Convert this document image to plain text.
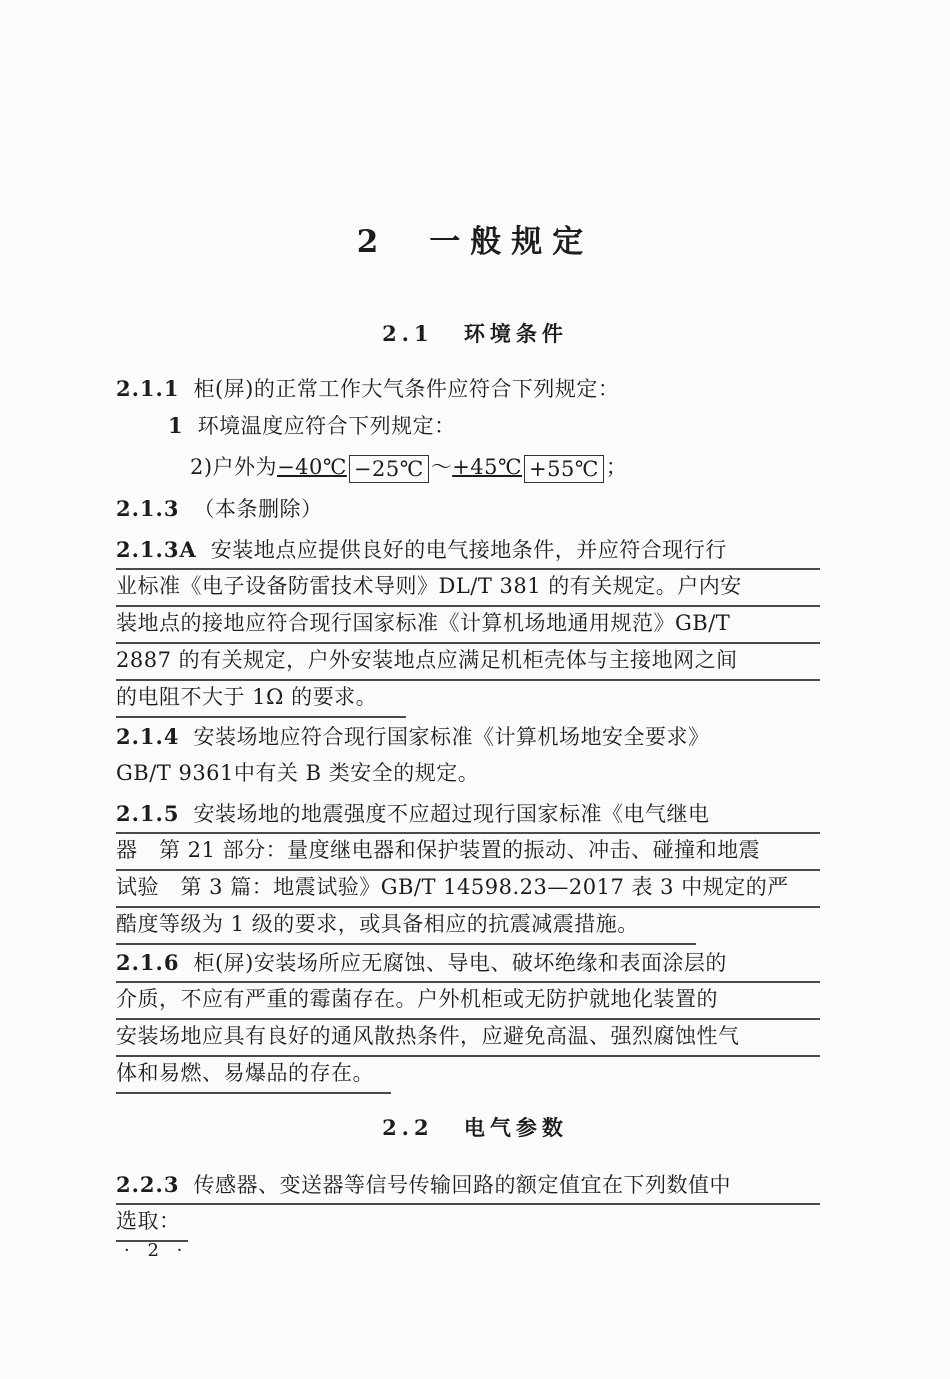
2　一般规定
2.1 环境条件
2.1.1 柜(屏)的正常工作大气条件应符合下列规定：
1 环境温度应符合下列规定：
2)户外为−40℃ −25℃ ～+45℃ +55℃ ；
2.1.3 （本条删除）
2.1.3A 安装地点应提供良好的电气接地条件，并应符合现行行
业标准《电子设备防雷技术导则》DL/T 381 的有关规定。户内安
装地点的接地应符合现行国家标准《计算机场地通用规范》GB/T
2887 的有关规定，户外安装地点应满足机柜壳体与主接地网之间
的电阻不大于 1Ω 的要求。
2.1.4 安装场地应符合现行国家标准《计算机场地安全要求》
GB/T 9361中有关 B 类安全的规定。
2.1.5 安装场地的地震强度不应超过现行国家标准《电气继电
器　第 21 部分：量度继电器和保护装置的振动、冲击、碰撞和地震
试验　第 3 篇：地震试验》GB/T 14598.23—2017 表 3 中规定的严
酷度等级为 1 级的要求，或具备相应的抗震减震措施。
2.1.6 柜(屏)安装场所应无腐蚀、导电、破坏绝缘和表面涂层的
介质，不应有严重的霉菌存在。户外机柜或无防护就地化装置的
安装场地应具有良好的通风散热条件，应避免高温、强烈腐蚀性气
体和易燃、易爆品的存在。
2.2 电气参数
2.2.3 传感器、变送器等信号传输回路的额定值宜在下列数值中
选取：
· 2 ·
